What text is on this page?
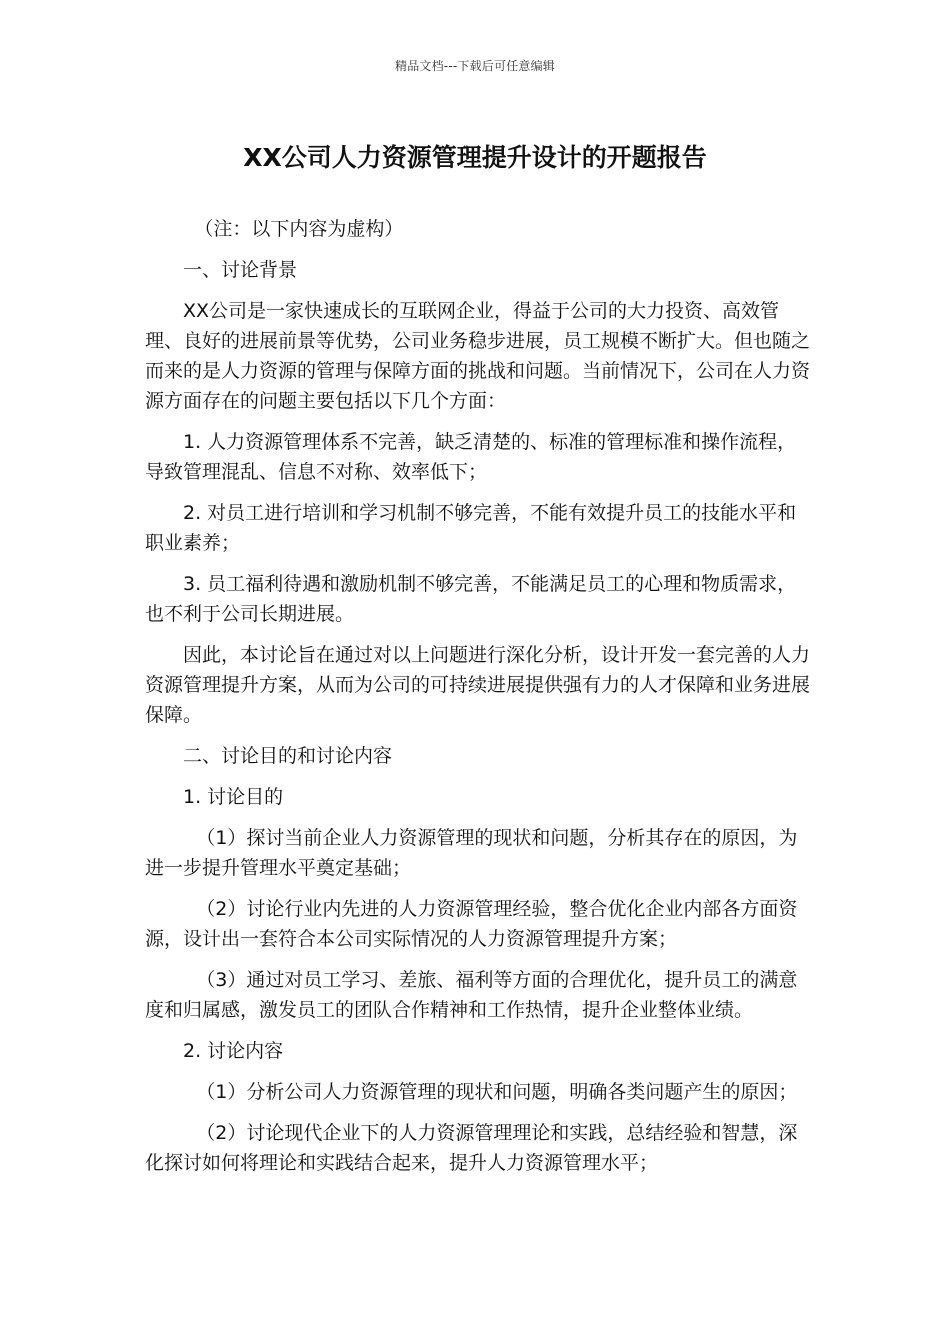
精品文档---下载后可任意编辑
XX公司人力资源管理提升设计的开题报告

（注：以下内容为虚构）

一、讨论背景

XX公司是一家快速成长的互联网企业，得益于公司的大力投资、高效管理、良好的进展前景等优势，公司业务稳步进展，员工规模不断扩大。但也随之而来的是人力资源的管理与保障方面的挑战和问题。当前情况下，公司在人力资源方面存在的问题主要包括以下几个方面：

1. 人力资源管理体系不完善，缺乏清楚的、标准的管理标准和操作流程，导致管理混乱、信息不对称、效率低下；

2. 对员工进行培训和学习机制不够完善，不能有效提升员工的技能水平和职业素养；

3. 员工福利待遇和激励机制不够完善，不能满足员工的心理和物质需求，也不利于公司长期进展。

因此，本讨论旨在通过对以上问题进行深化分析，设计开发一套完善的人力资源管理提升方案，从而为公司的可持续进展提供强有力的人才保障和业务进展保障。

二、讨论目的和讨论内容

1. 讨论目的

（1）探讨当前企业人力资源管理的现状和问题，分析其存在的原因，为进一步提升管理水平奠定基础；

（2）讨论行业内先进的人力资源管理经验，整合优化企业内部各方面资源，设计出一套符合本公司实际情况的人力资源管理提升方案；

（3）通过对员工学习、差旅、福利等方面的合理优化，提升员工的满意度和归属感，激发员工的团队合作精神和工作热情，提升企业整体业绩。

2. 讨论内容

（1）分析公司人力资源管理的现状和问题，明确各类问题产生的原因；

（2）讨论现代企业下的人力资源管理理论和实践，总结经验和智慧，深化探讨如何将理论和实践结合起来，提升人力资源管理水平；
